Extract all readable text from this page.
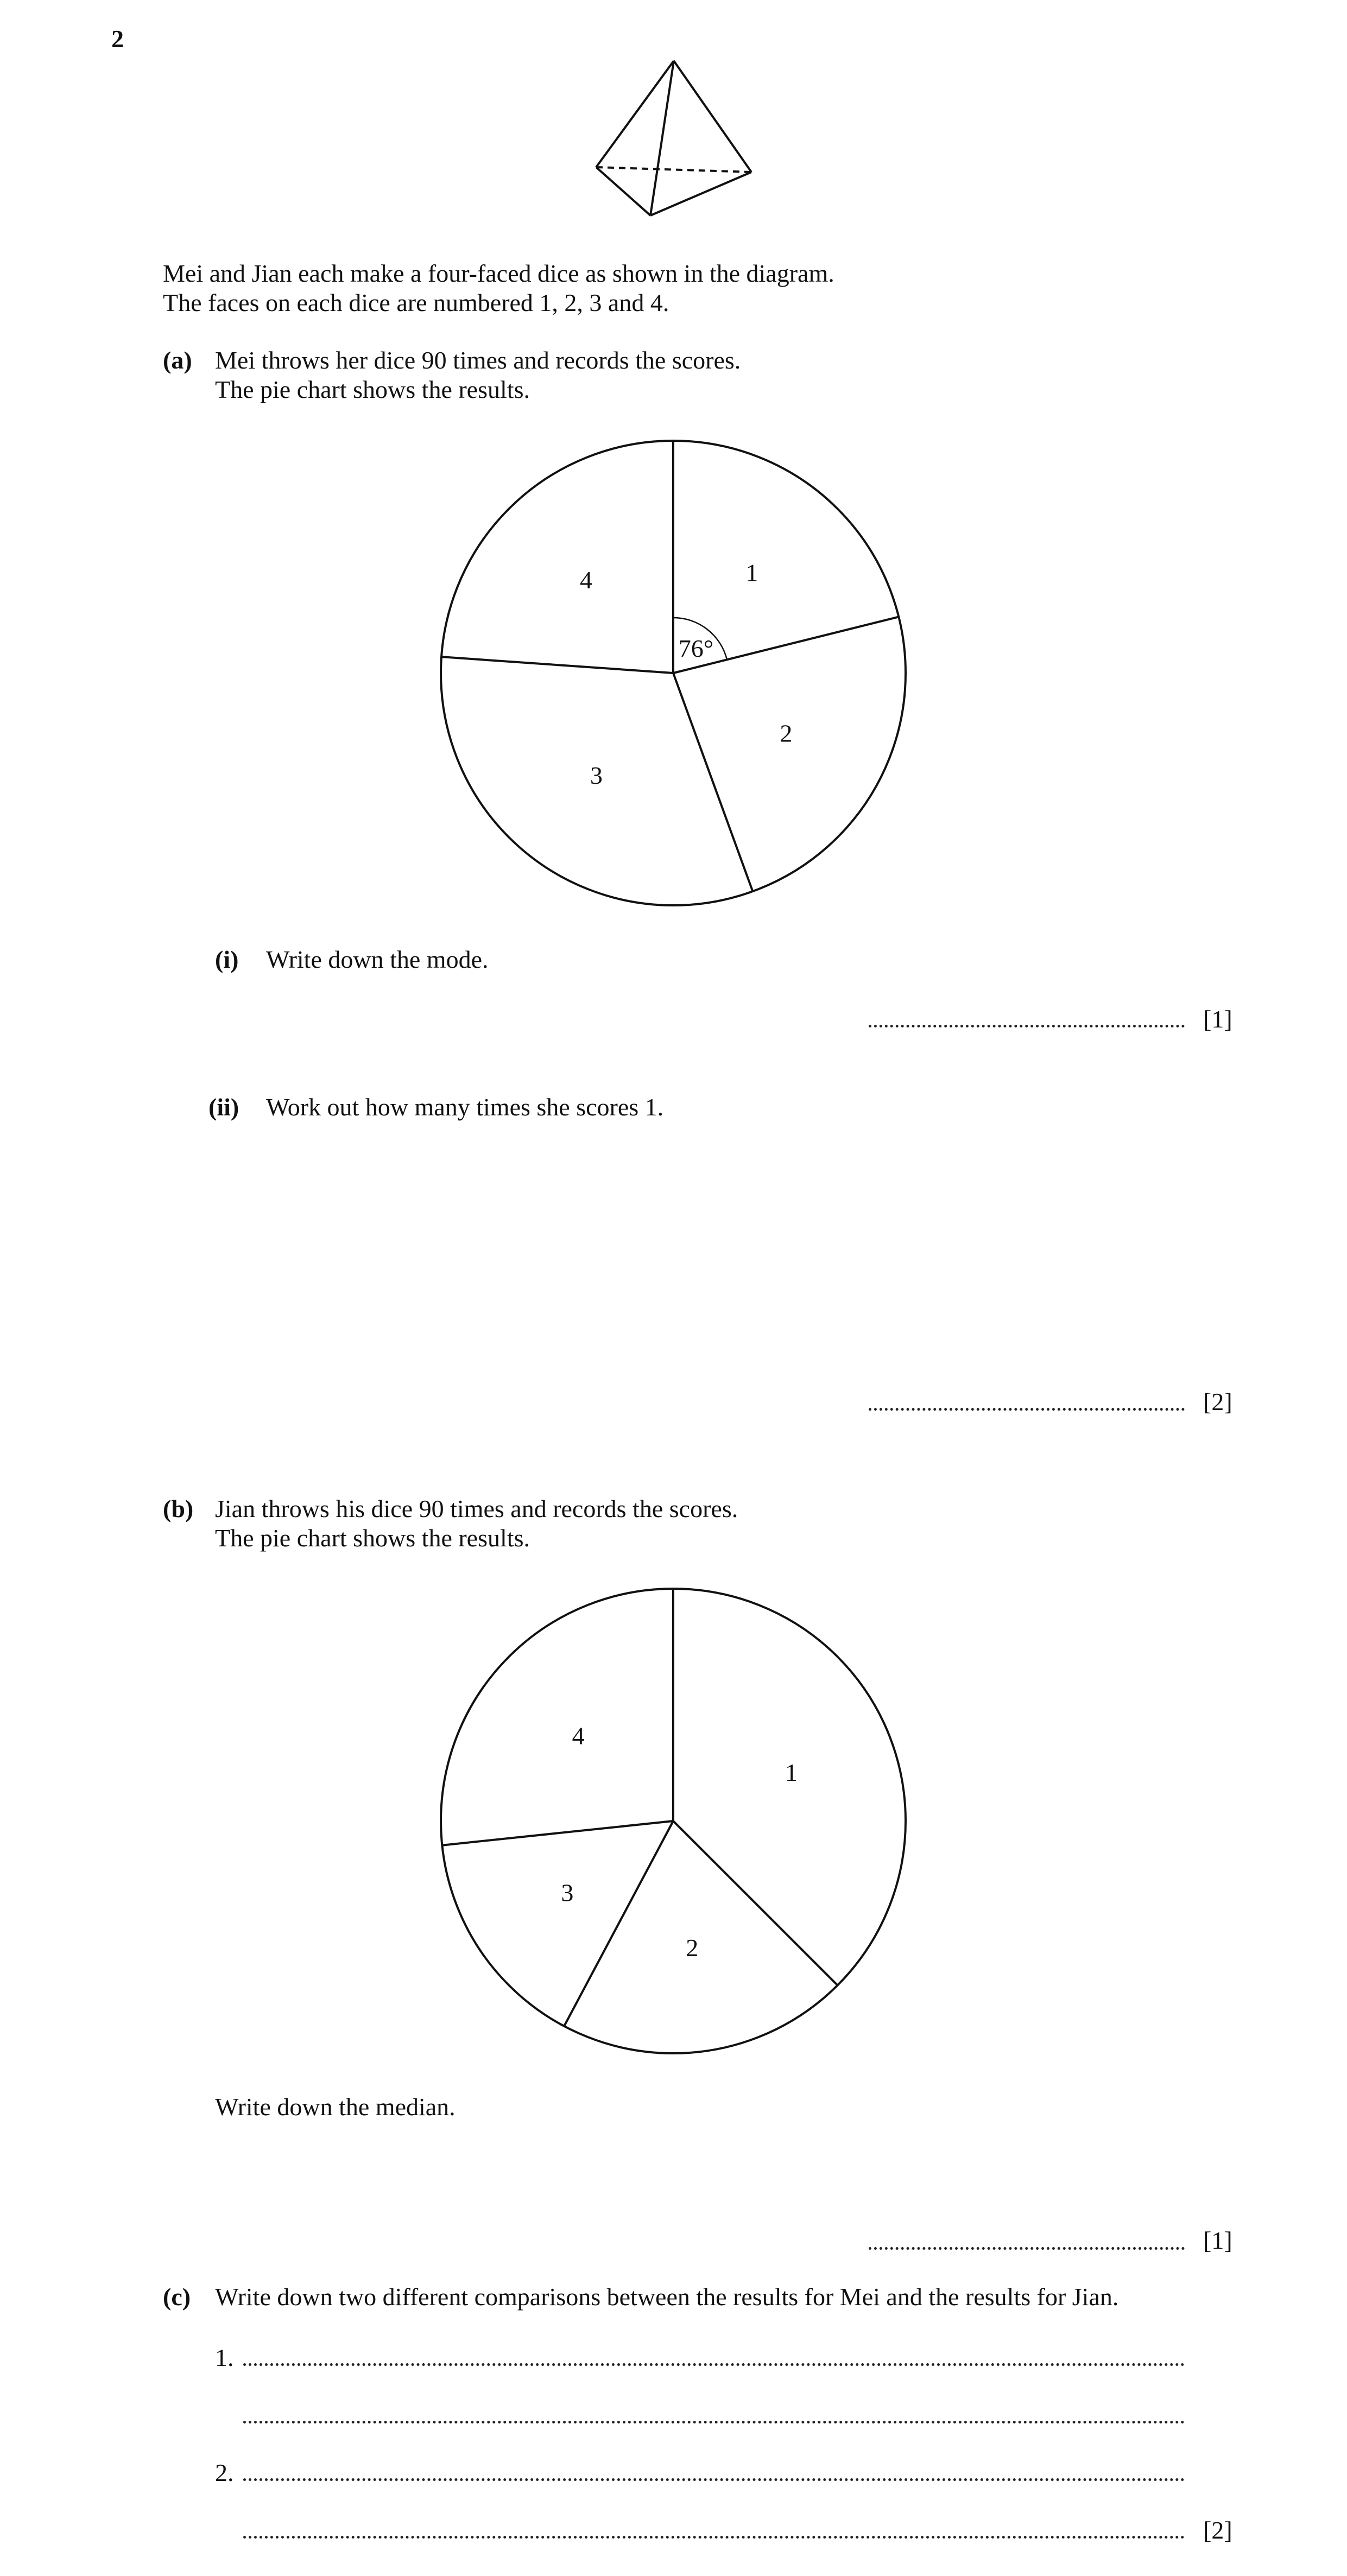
2
Mei and Jian each make a four-faced dice as shown in the diagram.
The faces on each dice are numbered 1, 2, 3 and 4.
(a) Mei throws her dice 90 times and records the scores.
The pie chart shows the results.
1
2
3
4
76°
(i) Write down the mode.
[1]
(ii) Work out how many times she scores 1.
[2]
(b) Jian throws his dice 90 times and records the scores.
The pie chart shows the results.
1
2
3
4
Write down the median.
[1]
(c) Write down two different comparisons between the results for Mei and the results for Jian.
1.
2.
[2]
